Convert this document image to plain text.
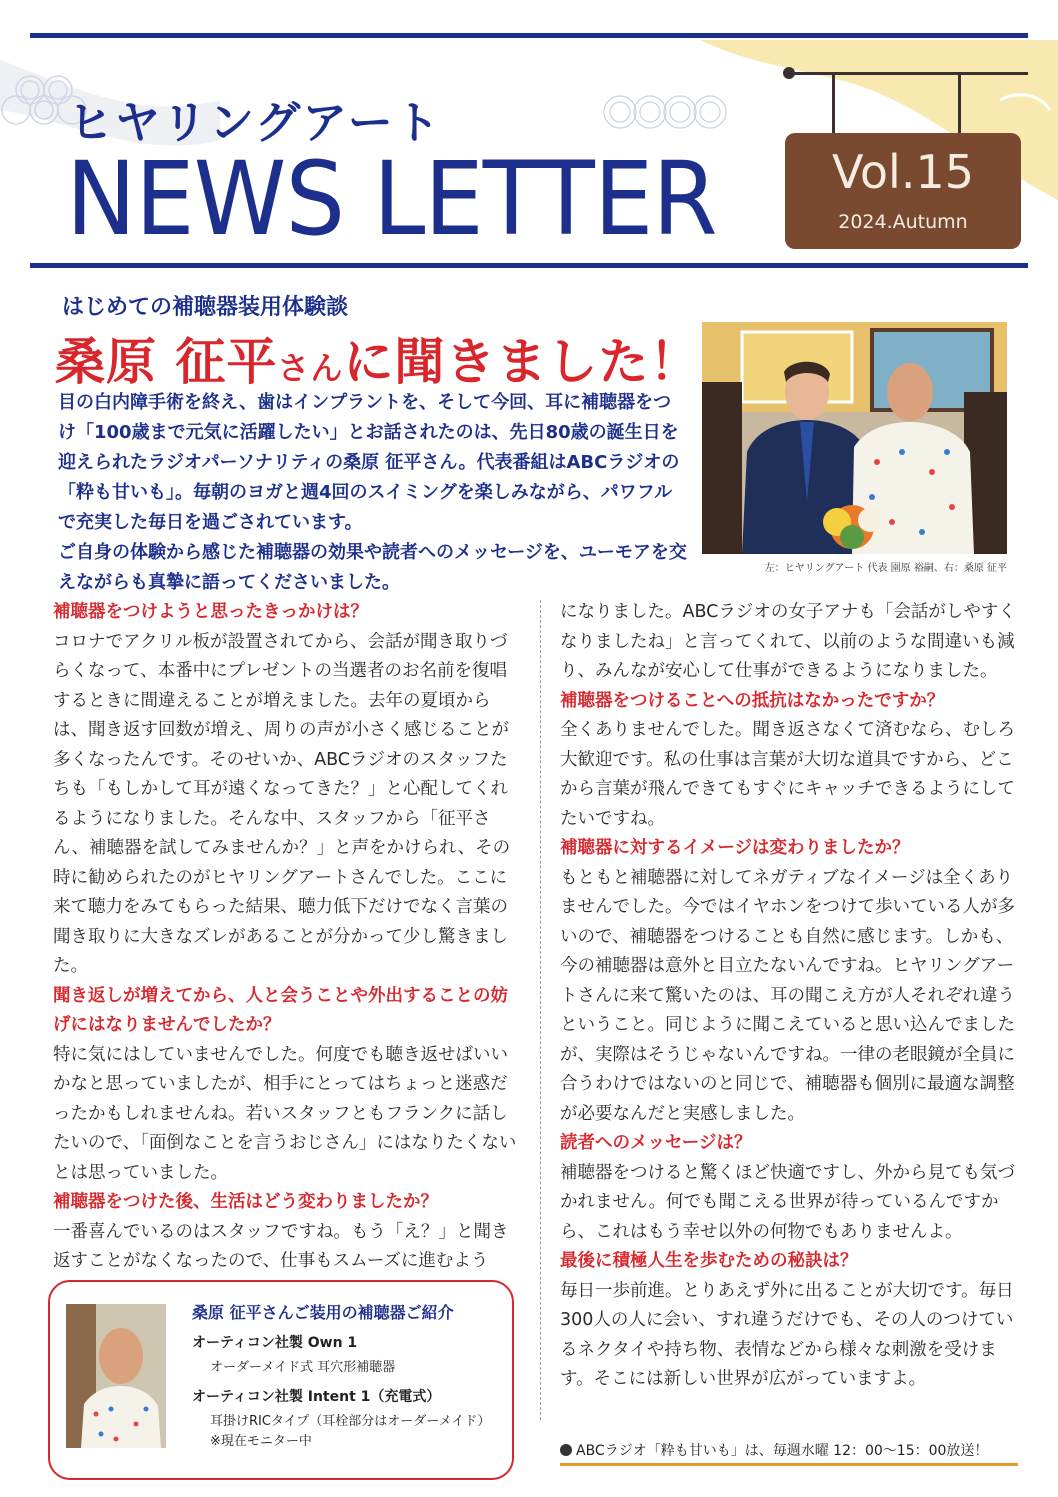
ヒヤリングアート
NEWS LETTER	Vol.15
2024.Autumn
はじめての補聴器装用体験談
桑原 征平さんに聞きました！

目の白内障手術を終え、歯はインプラントを、そして今回、耳に補聴器をつけ「100歳まで元気に活躍したい」とお話されたのは、先日80歳の誕生日を迎えられたラジオパーソナリティの桑原 征平さん。代表番組はABCラジオの「粋も甘いも」。毎朝のヨガと週4回のスイミングを楽しみながら、パワフルで充実した毎日を過ごされています。

ご自身の体験から感じた補聴器の効果や読者へのメッセージを、ユーモアを交えながらも真摯に語ってくださいました。

左：ヒヤリングアート 代表 園原 裕嗣、右：桑原 征平
補聴器をつけようと思ったきっかけは？

コロナでアクリル板が設置されてから、会話が聞き取りづらくなって、本番中にプレゼントの当選者のお名前を復唱するときに間違えることが増えました。去年の夏頃からは、聞き返す回数が増え、周りの声が小さく感じることが多くなったんです。そのせいか、ABCラジオのスタッフたちも「もしかして耳が遠くなってきた？」と心配してくれるようになりました。そんな中、スタッフから「征平さん、補聴器を試してみませんか？」と声をかけられ、その時に勧められたのがヒヤリングアートさんでした。ここに来て聴力をみてもらった結果、聴力低下だけでなく言葉の聞き取りに大きなズレがあることが分かって少し驚きました。

聞き返しが増えてから、人と会うことや外出することの妨げにはなりませんでしたか？

特に気にはしていませんでした。何度でも聴き返せばいいかなと思っていましたが、相手にとってはちょっと迷惑だったかもしれませんね。若いスタッフともフランクに話したいので、「面倒なことを言うおじさん」にはなりたくないとは思っていました。

補聴器をつけた後、生活はどう変わりましたか？

一番喜んでいるのはスタッフですね。もう「え？」と聞き返すことがなくなったので、仕事もスムーズに進むよう

になりました。ABCラジオの女子アナも「会話がしやすくなりましたね」と言ってくれて、以前のような間違いも減り、みんなが安心して仕事ができるようになりました。

補聴器をつけることへの抵抗はなかったですか？

全くありませんでした。聞き返さなくて済むなら、むしろ大歓迎です。私の仕事は言葉が大切な道具ですから、どこから言葉が飛んできてもすぐにキャッチできるようにしてたいですね。

補聴器に対するイメージは変わりましたか？

もともと補聴器に対してネガティブなイメージは全くありませんでした。今ではイヤホンをつけて歩いている人が多いので、補聴器をつけることも自然に感じます。しかも、今の補聴器は意外と目立たないんですね。ヒヤリングアートさんに来て驚いたのは、耳の聞こえ方が人それぞれ違うということ。同じように聞こえていると思い込んでましたが、実際はそうじゃないんですね。一律の老眼鏡が全員に合うわけではないのと同じで、補聴器も個別に最適な調整が必要なんだと実感しました。

読者へのメッセージは？

補聴器をつけると驚くほど快適ですし、外から見ても気づかれません。何でも聞こえる世界が待っているんですから、これはもう幸せ以外の何物でもありませんよ。

最後に積極人生を歩むための秘訣は？

毎日一歩前進。とりあえず外に出ることが大切です。毎日300人の人に会い、すれ違うだけでも、その人のつけているネクタイや持ち物、表情などから様々な刺激を受けます。そこには新しい世界が広がっていますよ。

桑原 征平さんご装用の補聴器ご紹介
オーティコン社製 Own 1
オーダーメイド式 耳穴形補聴器
オーティコン社製 Intent 1（充電式）
耳掛けRICタイプ（耳栓部分はオーダーメイド）
※現在モニター中
ABCラジオ「粋も甘いも」は、毎週水曜 12：00～15：00放送！
